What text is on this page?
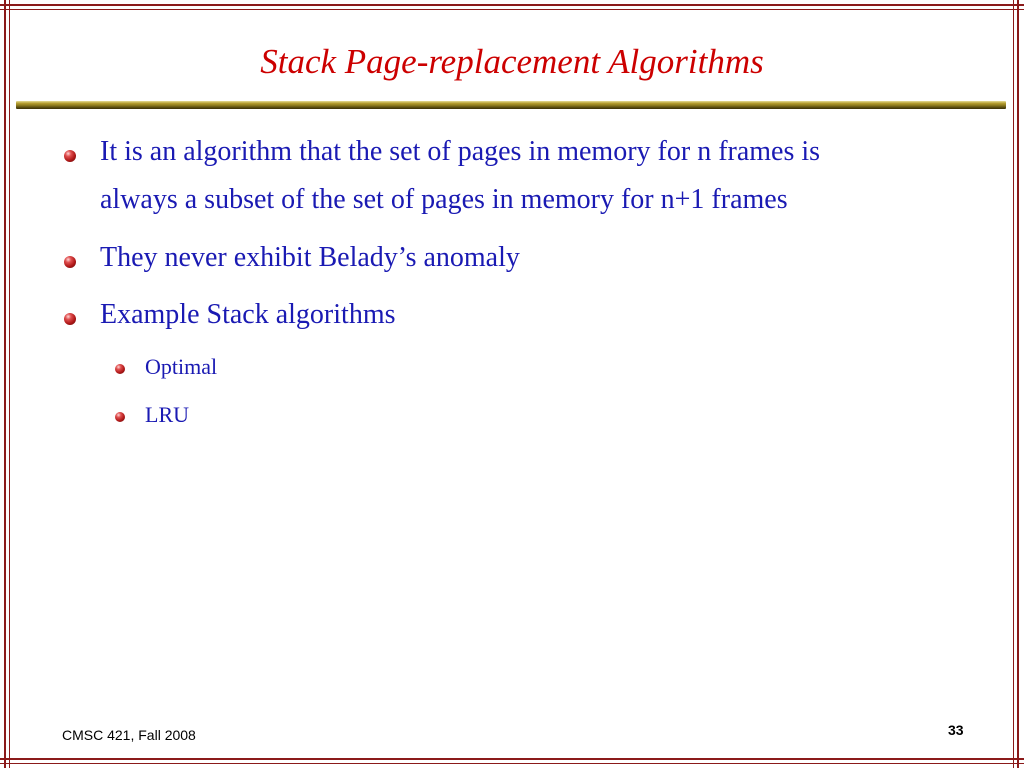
Stack Page-replacement Algorithms
It is an algorithm that the set of pages in memory for n frames is
always a subset of the set of pages in memory for n+1 frames
They never exhibit Belady’s anomaly
Example Stack algorithms
Optimal
LRU
CMSC 421, Fall 2008	33
